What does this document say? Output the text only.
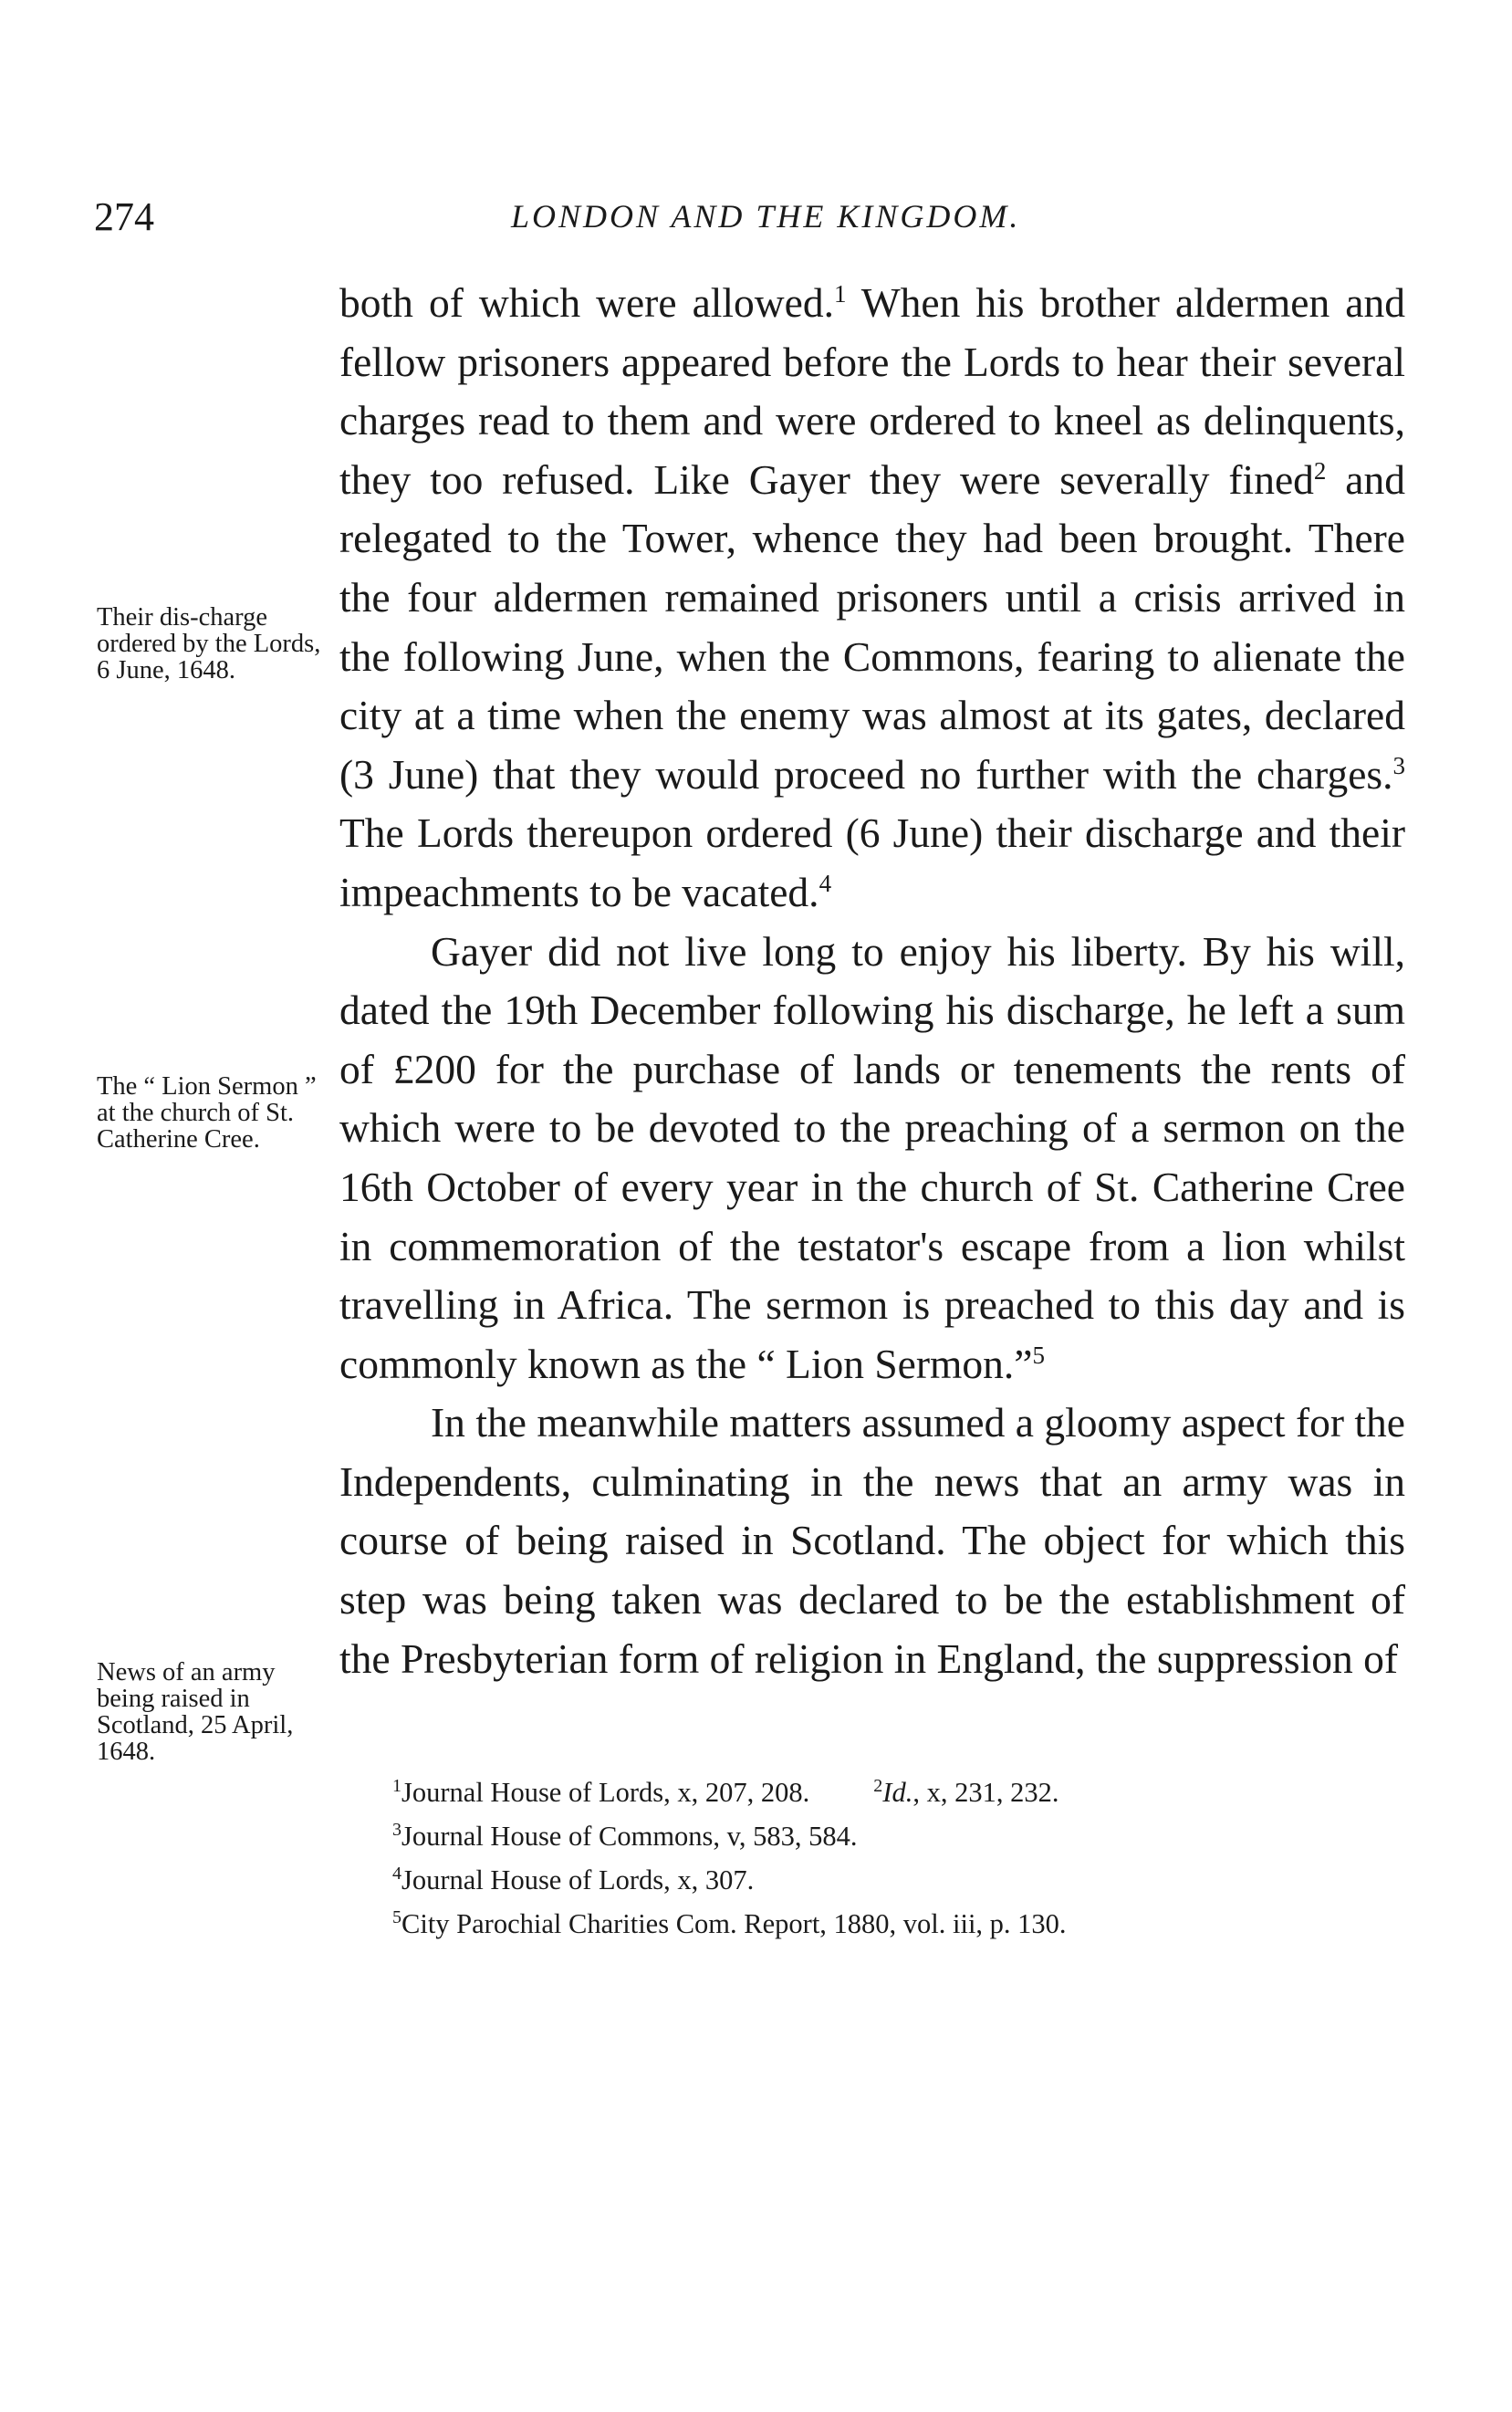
274	LONDON AND THE KINGDOM.
Their dis-charge ordered by the Lords, 6 June, 1648.
The “ Lion Sermon ” at the church of St. Catherine Cree.
News of an army being raised in Scotland, 25 April, 1648.

both of which were allowed.$^1$ When his brother aldermen and fellow prisoners appeared before the Lords to hear their several charges read to them and were ordered to kneel as delinquents, they too refused. Like Gayer they were severally fined$^2$ and relegated to the Tower, whence they had been brought. There the four aldermen remained prisoners until a crisis arrived in the following June, when the Commons, fearing to alienate the city at a time when the enemy was almost at its gates, declared (3 June) that they would proceed no further with the charges.$^3$ The Lords thereupon ordered (6 June) their discharge and their impeachments to be vacated.$^4$

Gayer did not live long to enjoy his liberty. By his will, dated the 19th December following his discharge, he left a sum of £200 for the purchase of lands or tenements the rents of which were to be devoted to the preaching of a sermon on the 16th October of every year in the church of St. Catherine Cree in commemoration of the testator's escape from a lion whilst travelling in Africa. The sermon is preached to this day and is commonly known as the “ Lion Sermon.”$^5$

In the meanwhile matters assumed a gloomy aspect for the Independents, culminating in the news that an army was in course of being raised in Scotland. The object for which this step was being taken was declared to be the establishment of the Presbyterian form of religion in England, the suppression of

$^1$Journal House of Lords, x, 207, 208.	$^2$Id., x, 231, 232.
$^3$Journal House of Commons, v, 583, 584.
$^4$Journal House of Lords, x, 307.
$^5$City Parochial Charities Com. Report, 1880, vol. iii, p. 130.
